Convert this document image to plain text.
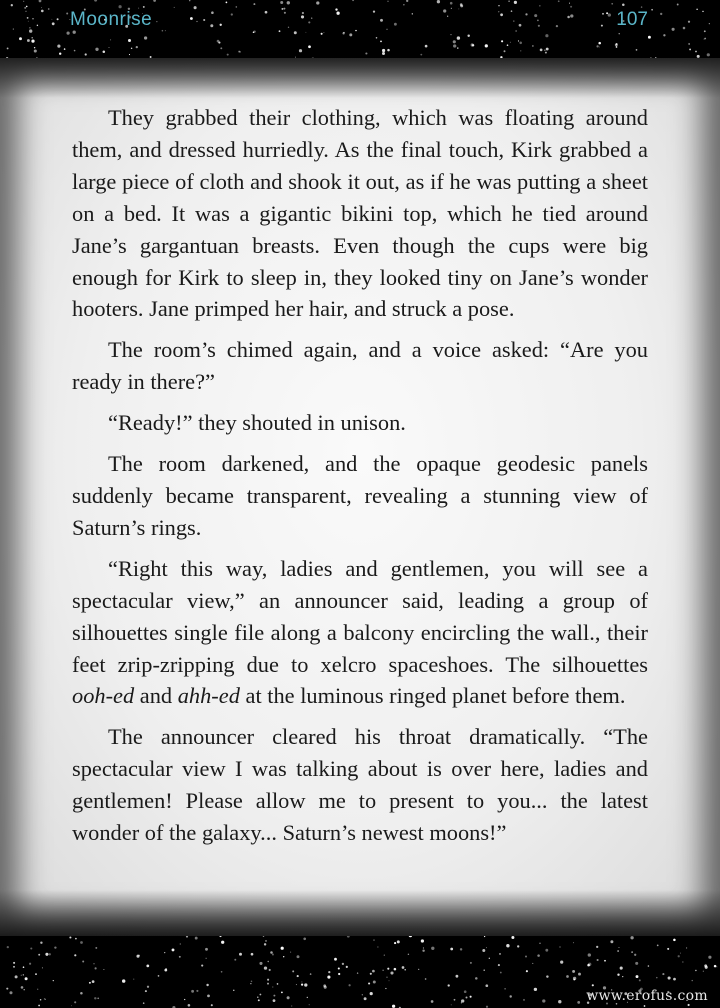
Moonrise	107

They grabbed their clothing, which was floating around them, and dressed hurriedly. As the final touch, Kirk grabbed a large piece of cloth and shook it out, as if he was putting a sheet on a bed. It was a gigantic bikini top, which he tied around Jane’s gargantuan breasts. Even though the cups were big enough for Kirk to sleep in, they looked tiny on Jane’s wonder hooters. Jane primped her hair, and struck a pose.

The room’s chimed again, and a voice asked: “Are you ready in there?”

“Ready!” they shouted in unison.

The room darkened, and the opaque geodesic panels suddenly became transparent, revealing a stunning view of Saturn’s rings.

“Right this way, ladies and gentlemen, you will see a spectacular view,” an announcer said, leading a group of silhouettes single file along a balcony encircling the wall., their feet zrip-zripping due to xelcro spaceshoes. The silhouettes ooh-ed and ahh-ed at the luminous ringed planet before them.

The announcer cleared his throat dramatically. “The spectacular view I was talking about is over here, ladies and gentlemen! Please allow me to present to you... the latest wonder of the galaxy... Saturn’s newest moons!”

www.erofus.com
